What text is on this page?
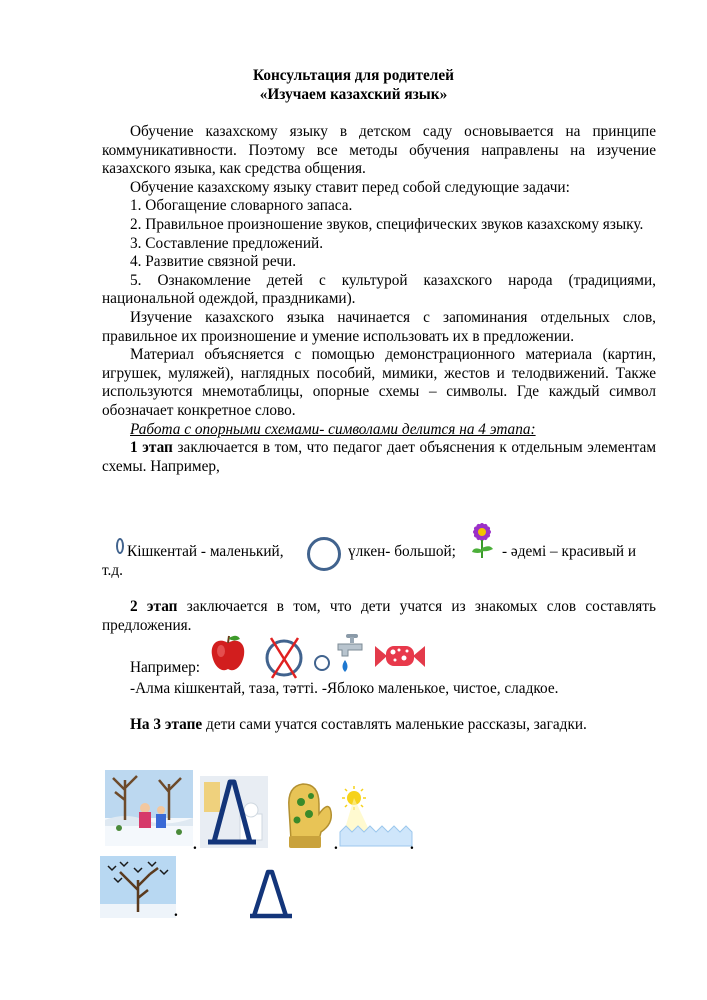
Консультация для родителей
«Изучаем казахский язык»

Обучение казахскому языку в детском саду основывается на принципе коммуникативности. Поэтому все методы обучения направлены на изучение казахского языка, как средства общения.

Обучение казахскому языку ставит перед собой следующие задачи:

1. Обогащение словарного запаса.

2. Правильное произношение звуков, специфических звуков казахскому языку.

3. Составление предложений.

4. Развитие связной речи.

5. Ознакомление детей с культурой казахского народа (традициями, национальной одеждой, праздниками).

Изучение казахского языка начинается с запоминания отдельных слов, правильное их произношение и умение использовать их в предложении.

Материал объясняется с помощью демонстрационного материала (картин, игрушек, муляжей), наглядных пособий, мимики, жестов и телодвижений. Также используются мнемотаблицы, опорные схемы – символы. Где каждый символ обозначает конкретное слово.

Работа с опорными схемами- символами делится на 4 этапа:

1 этап заключается в том, что педагог дает объяснения к отдельным элементам схемы. Например,

Кішкентай - маленький,	үлкен- большой;	- әдемі – красивый и
т.д.

2 этап заключается в том, что дети учатся из знакомых слов составлять предложения.

Например:
-Алма кішкентай, таза, тәтті. -Яблоко маленькое, чистое, сладкое.

На 3 этапе дети сами учатся составлять маленькие рассказы, загадки.

.	.	.
.
